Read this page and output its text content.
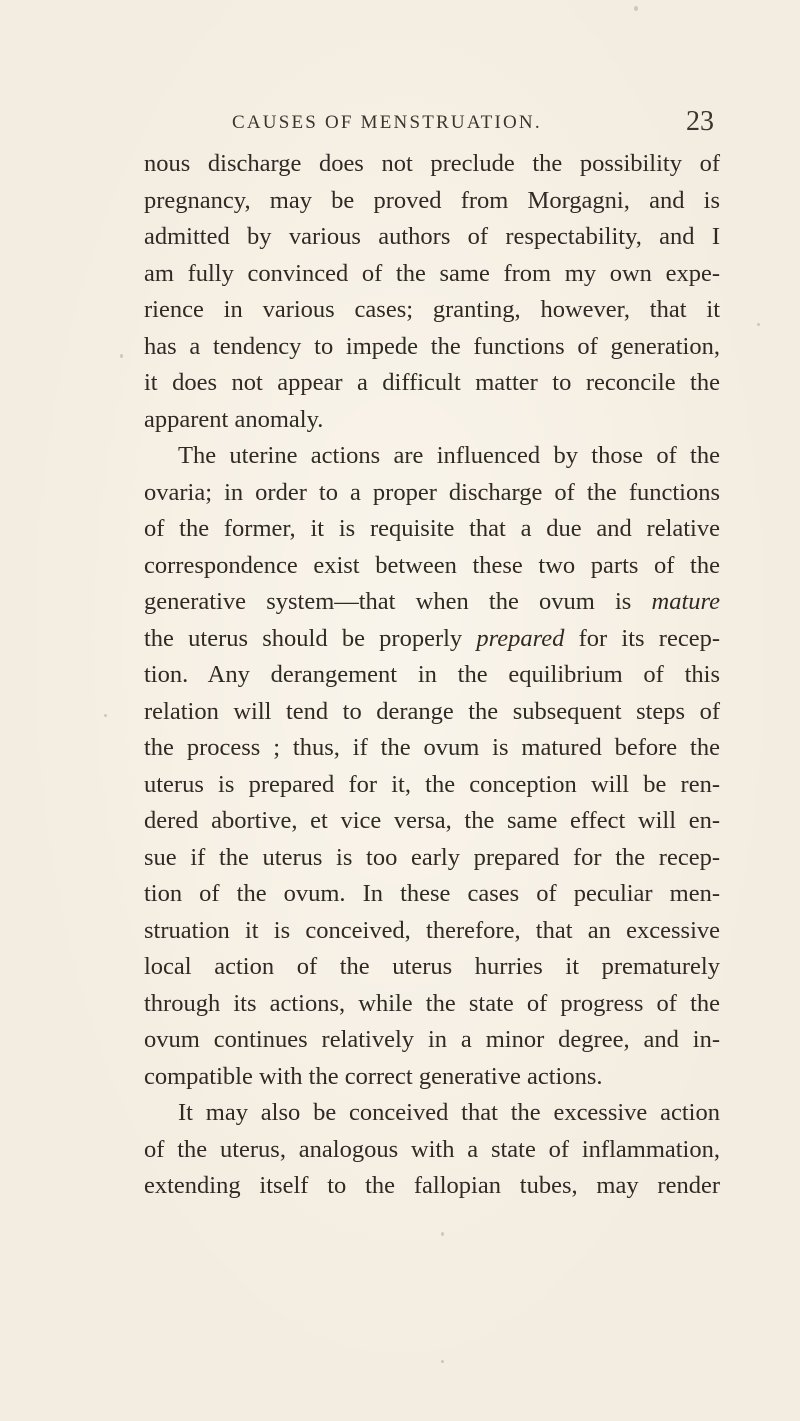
CAUSES OF MENSTRUATION.	23
nous discharge does not preclude the possibility of
pregnancy, may be proved from Morgagni, and is
admitted by various authors of respectability, and I
am fully convinced of the same from my own expe-
rience in various cases; granting, however, that it
has a tendency to impede the functions of generation,
it does not appear a difficult matter to reconcile the
apparent anomaly.
The uterine actions are influenced by those of the
ovaria; in order to a proper discharge of the functions
of the former, it is requisite that a due and relative
correspondence exist between these two parts of the
generative system—that when the ovum is mature
the uterus should be properly prepared for its recep-
tion. Any derangement in the equilibrium of this
relation will tend to derange the subsequent steps of
the process ; thus, if the ovum is matured before the
uterus is prepared for it, the conception will be ren-
dered abortive, et vice versa, the same effect will en-
sue if the uterus is too early prepared for the recep-
tion of the ovum. In these cases of peculiar men-
struation it is conceived, therefore, that an excessive
local action of the uterus hurries it prematurely
through its actions, while the state of progress of the
ovum continues relatively in a minor degree, and in-
compatible with the correct generative actions.
It may also be conceived that the excessive action
of the uterus, analogous with a state of inflammation,
extending itself to the fallopian tubes, may render
